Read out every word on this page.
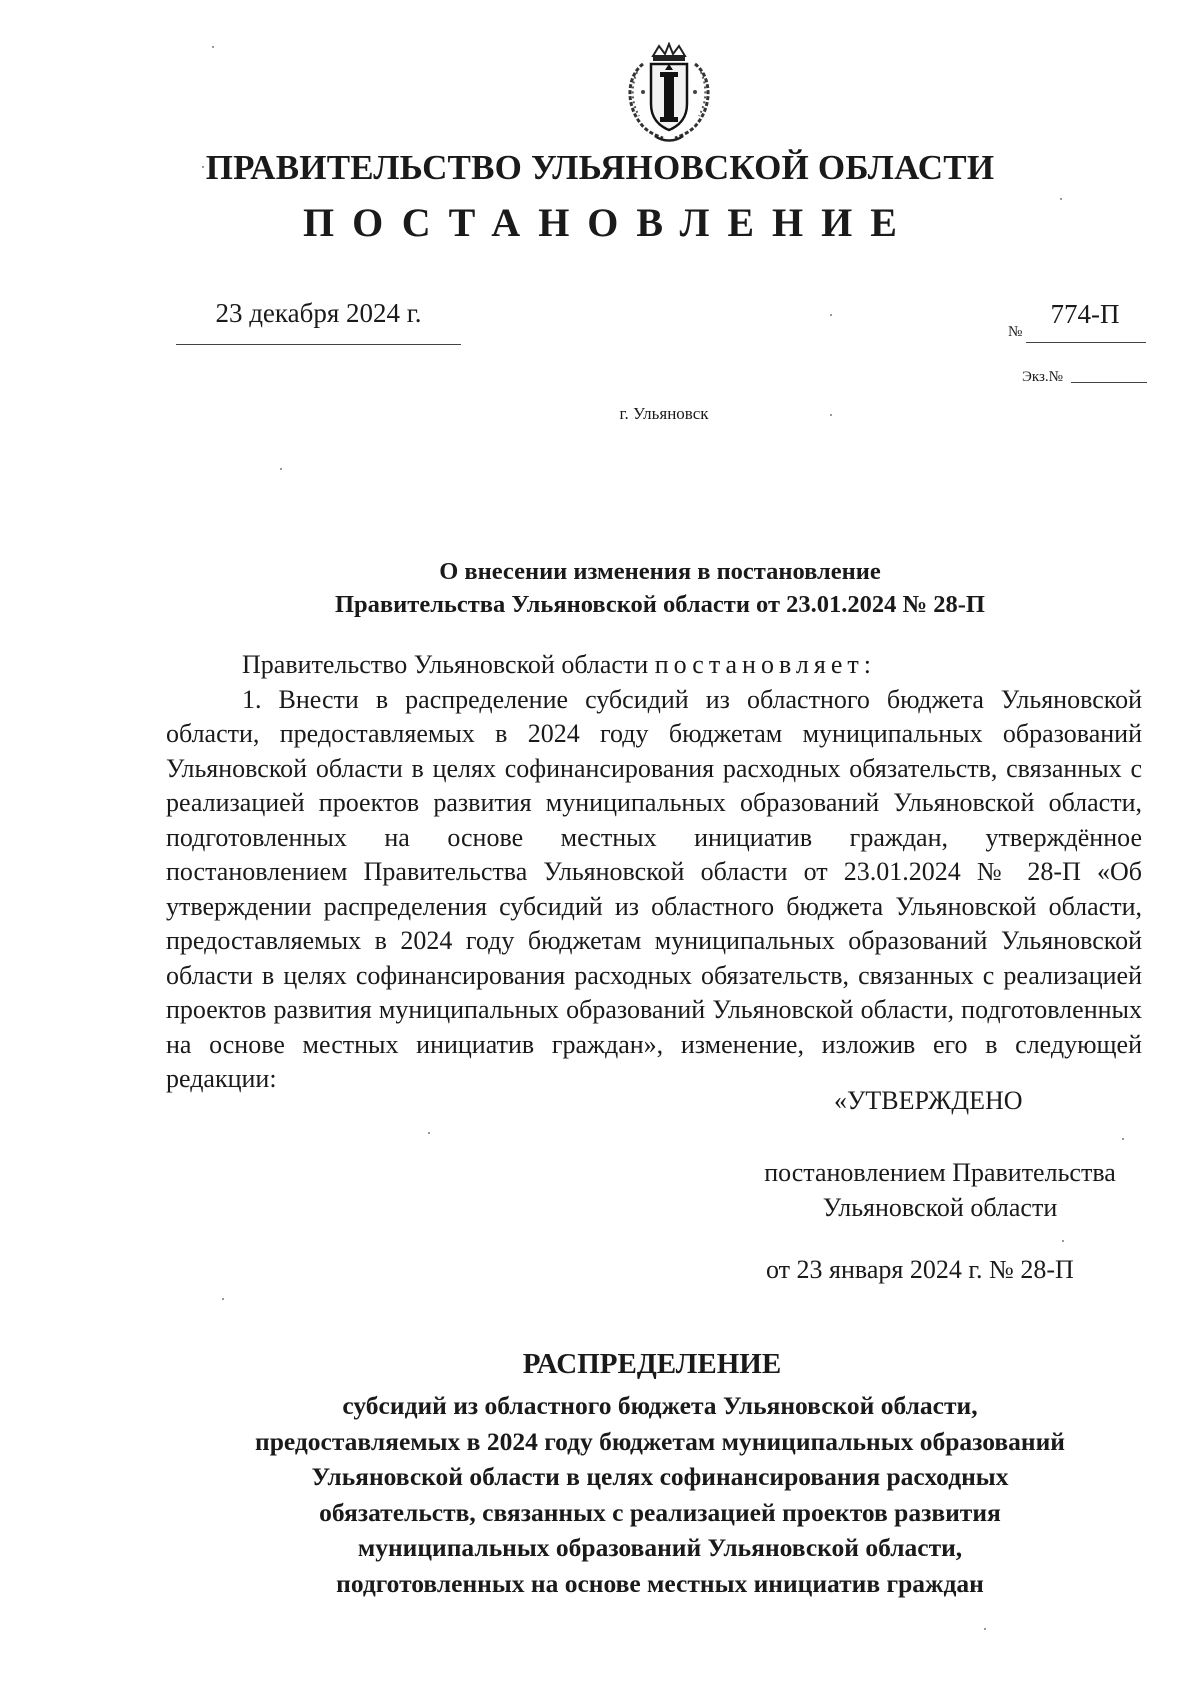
ПРАВИТЕЛЬСТВО УЛЬЯНОВСКОЙ ОБЛАСТИ
ПОСТАНОВЛЕНИЕ
23 декабря 2024 г.
№
774-П
Экз.№
г. Ульяновск
О внесении изменения в постановление
Правительства Ульяновской области от 23.01.2024 № 28-П

Правительство Ульяновской области постановляет:

1. Внести в распределение субсидий из областного бюджета Ульяновской области, предоставляемых в 2024 году бюджетам муниципальных образований Ульяновской области в целях софинансирования расходных обязательств, связанных с реализацией проектов развития муниципальных образований Ульяновской области, подготовленных на основе местных инициатив граждан, утверждённое постановлением Правительства Ульяновской области от 23.01.2024 № 28-П «Об утверждении распределения субсидий из областного бюджета Ульяновской области, предоставляемых в 2024 году бюджетам муниципальных образований Ульяновской области в целях софинансирования расходных обязательств, связанных с реализацией проектов развития муниципальных образований Ульяновской области, подготовленных на основе местных инициатив граждан», изменение, изложив его в следующей редакции:

«УТВЕРЖДЕНО
постановлением Правительства
Ульяновской области
от 23 января 2024 г. № 28-П
РАСПРЕДЕЛЕНИЕ
субсидий из областного бюджета Ульяновской области,
предоставляемых в 2024 году бюджетам муниципальных образований
Ульяновской области в целях софинансирования расходных
обязательств, связанных с реализацией проектов развития
муниципальных образований Ульяновской области,
подготовленных на основе местных инициатив граждан
